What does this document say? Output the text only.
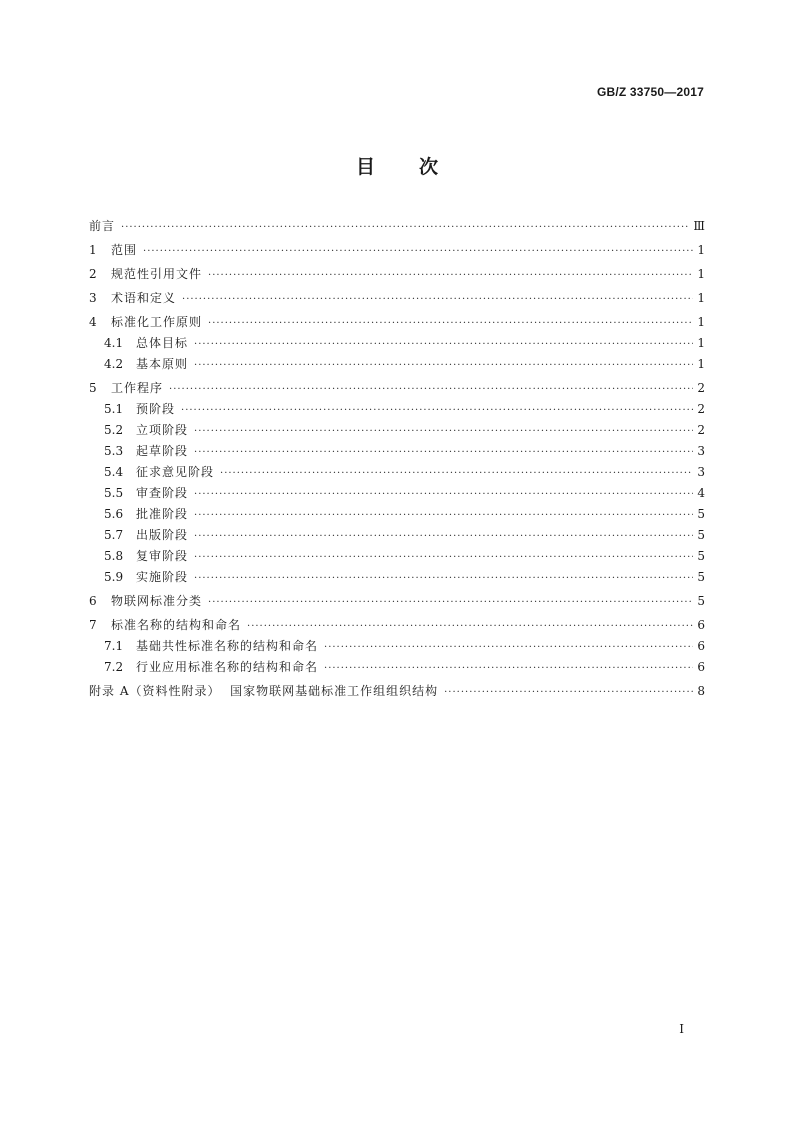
GB/Z 33750—2017
目 次
前言 ·····	Ⅲ
1	范围 ·····	1
2	规范性引用文件 ·····	1
3	术语和定义 ·····	1
4	标准化工作原则 ·····	1
4.1	总体目标 ·····	1
4.2	基本原则 ·····	1
5	工作程序 ·····	2
5.1	预阶段 ·····	2
5.2	立项阶段 ·····	2
5.3	起草阶段 ·····	3
5.4	征求意见阶段 ·····	3
5.5	审查阶段 ·····	4
5.6	批准阶段 ·····	5
5.7	出版阶段 ·····	5
5.8	复审阶段 ·····	5
5.9	实施阶段 ·····	5
6	物联网标准分类 ·····	5
7	标准名称的结构和命名 ·····	6
7.1	基础共性标准名称的结构和命名 ·····	6
7.2	行业应用标准名称的结构和命名 ·····	6
附录 A（资料性附录）  国家物联网基础标准工作组组织结构 ·····	8
I
